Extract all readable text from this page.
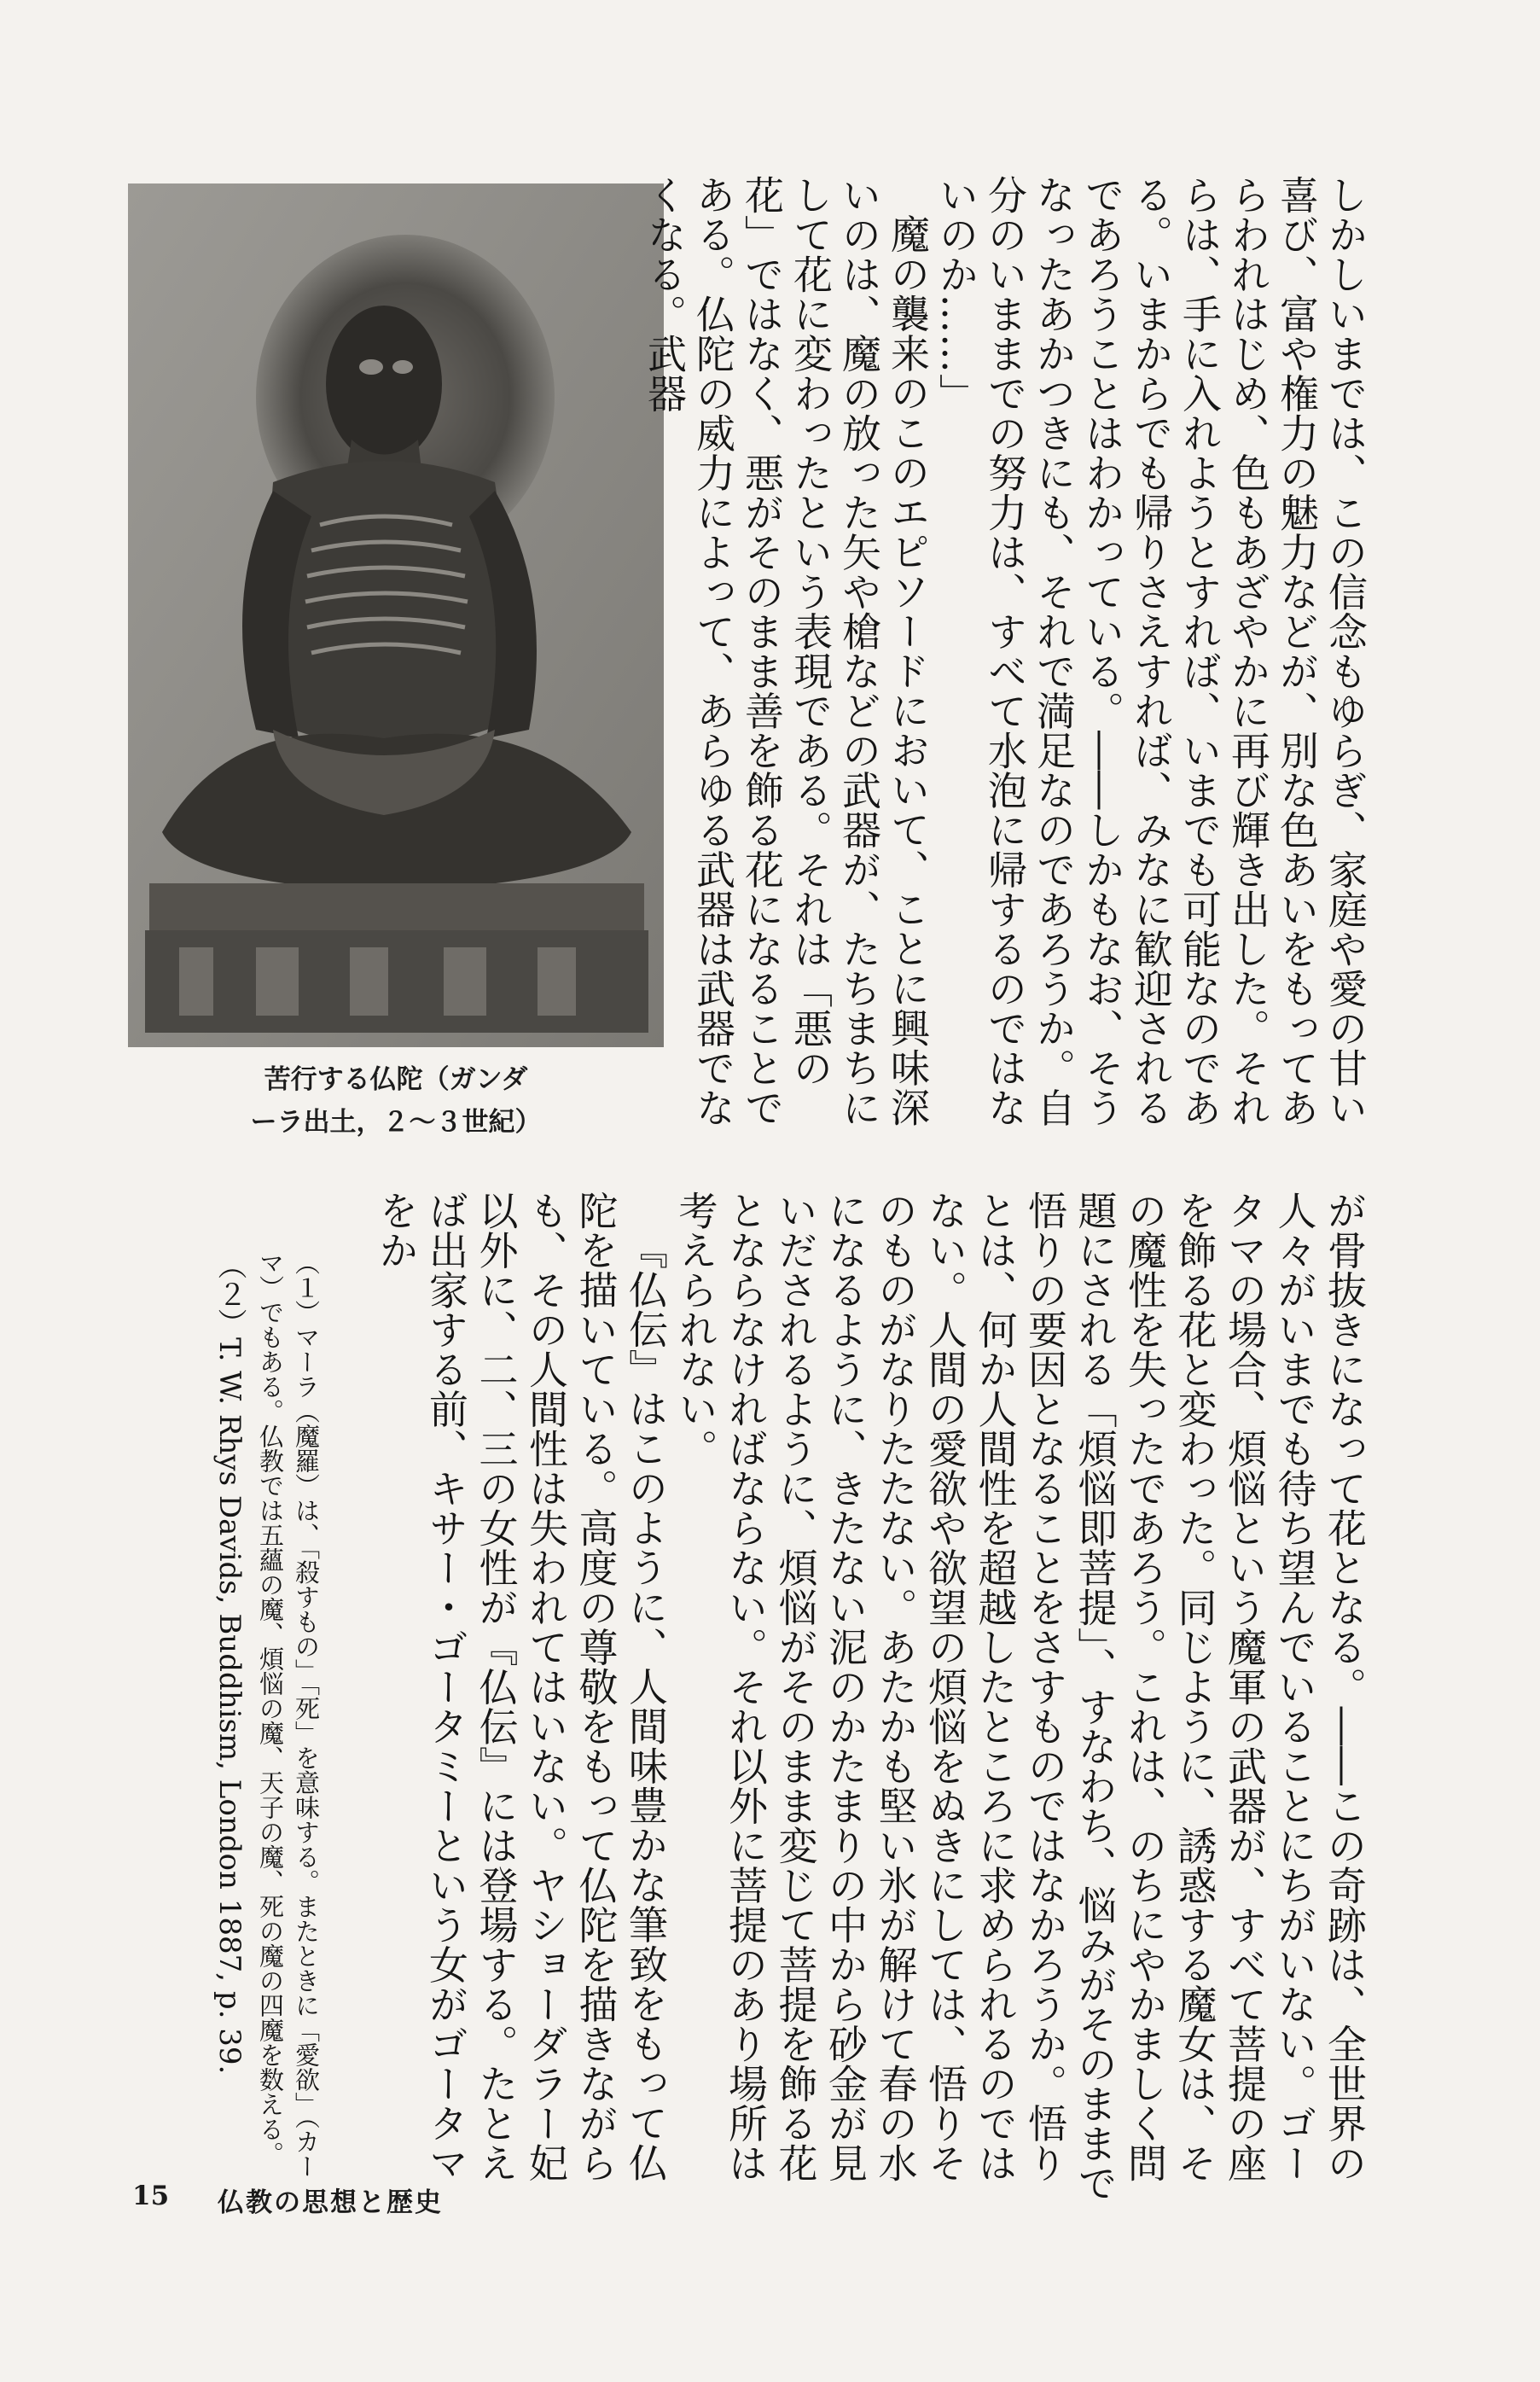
苦行する仏陀（ガンダ
ーラ出土，２～３世紀）	しかしいまでは、この信念もゆらぎ、家庭や愛の甘い喜び、富や権力の魅力などが、別な色あいをもってあらわれはじめ、色もあざやかに再び輝き出した。それらは、手に入れようとすれば、いまでも可能なのである。いまからでも帰りさえすれば、みなに歓迎されるであろうことはわかっている。――しかもなお、そうなったあかつきにも、それで満足なのであろうか。自分のいままでの努力は、すべて水泡に帰するのではないのか……」

魔の襲来のこのエピソードにおいて、ことに興味深いのは、魔の放った矢や槍などの武器が、たちまちにして花に変わったという表現である。それは「悪の花」ではなく、悪がそのまま善を飾る花になることである。仏陀の威力によって、あらゆる武器は武器でなくなる。武器

が骨抜きになって花となる。――この奇跡は、全世界の人々がいまでも待ち望んでいることにちがいない。ゴータマの場合、煩悩という魔軍の武器が、すべて菩提の座を飾る花と変わった。同じように、誘惑する魔女は、その魔性を失ったであろう。これは、のちにやかましく問題にされる「煩悩即菩提」、すなわち、悩みがそのままで悟りの要因となることをさすものではなかろうか。悟りとは、何か人間性を超越したところに求められるのではない。人間の愛欲や欲望の煩悩をぬきにしては、悟りそのものがなりたたない。あたかも堅い氷が解けて春の水になるように、きたない泥のかたまりの中から砂金が見いだされるように、煩悩がそのまま変じて菩提を飾る花とならなければならない。それ以外に菩提のあり場所は考えられない。

『仏伝』はこのように、人間味豊かな筆致をもって仏陀を描いている。高度の尊敬をもって仏陀を描きながらも、その人間性は失われてはいない。ヤショーダラー妃以外に、二、三の女性が『仏伝』には登場する。たとえば出家する前、キサー・ゴータミーという女がゴータマをか

（１）マーラ（魔羅）は、「殺すもの」「死」を意味する。またときに「愛欲」（カーマ）でもある。仏教では五蘊の魔、煩悩の魔、天子の魔、死の魔の四魔を数える。

（２）T. W. Rhys Davids, Buddhism, London 1887, p. 39.

15 仏教の思想と歴史
